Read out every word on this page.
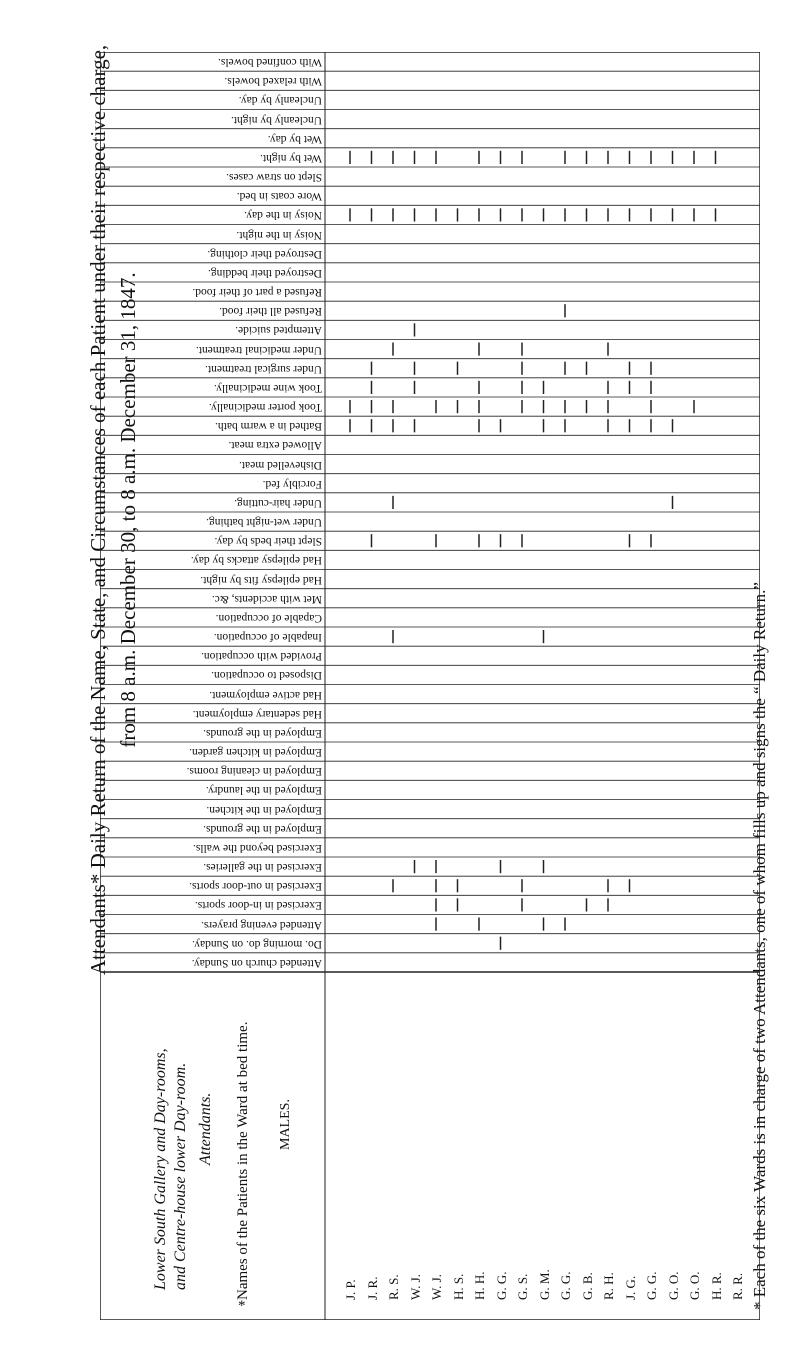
Attendants* Daily Return of the Name, State, and Circumstances of each Patient under their respective charge, from 8 a.m. December 30, to 8 a.m. December 31, 1847.
* Each of the six Wards is in charge of two Attendants, one of whom fills up and signs the “ Daily Return.”
With confined bowels.
With relaxed bowels.
Uncleanly by day.
Uncleanly by night.
Wet by day.
Wet by night.
Slept on straw cases.
Wore coats in bed.
Noisy in the day.
Noisy in the night.
Destroyed their clothing.
Destroyed their bedding.
Refused a part of their food.
Refused all their food.
Attempted suicide.
Under medicinal treatment.
Under surgical treatment.
Took wine medicinally.
Took porter medicinally.
Bathed in a warm bath.
Allowed extra meat.
Dishevelled meat.
Forcibly fed.
Under hair-cutting.
Under wet-night bathing.
Slept their beds by day.
Had epilepsy attacks by day.
Had epilepsy fits by night.
Met with accidents, &c.
Capable of occupation.
Inapable of occupation.
Provided with occupation.
Disposed to occupation.
Had active employment.
Had sedentary employment.
Employed in the grounds.
Employed in kitchen garden.
Employed in cleaning rooms.
Employed in the laundry.
Employed in the kitchen.
Employed in the grounds.
Exercised beyond the walls.
Exercised in the galleries.
Exercised in out-door sports.
Exercised in in-door sports.
Attended evening prayers.
Do. morning do. on Sunday.
Attended church on Sunday.
Lower South Gallery and Day-rooms, and Centre-house lower Day-room. Attendants. Names of the Patients in the Ward at bed time. MALES.
*
J. P. J. R. R. S. W. J. W. J. H. S. H. H. G. G. G. S. G. M. G. G. G. B. R. H. J. G. G. G. G. O. G. O. H. R. R. R.
